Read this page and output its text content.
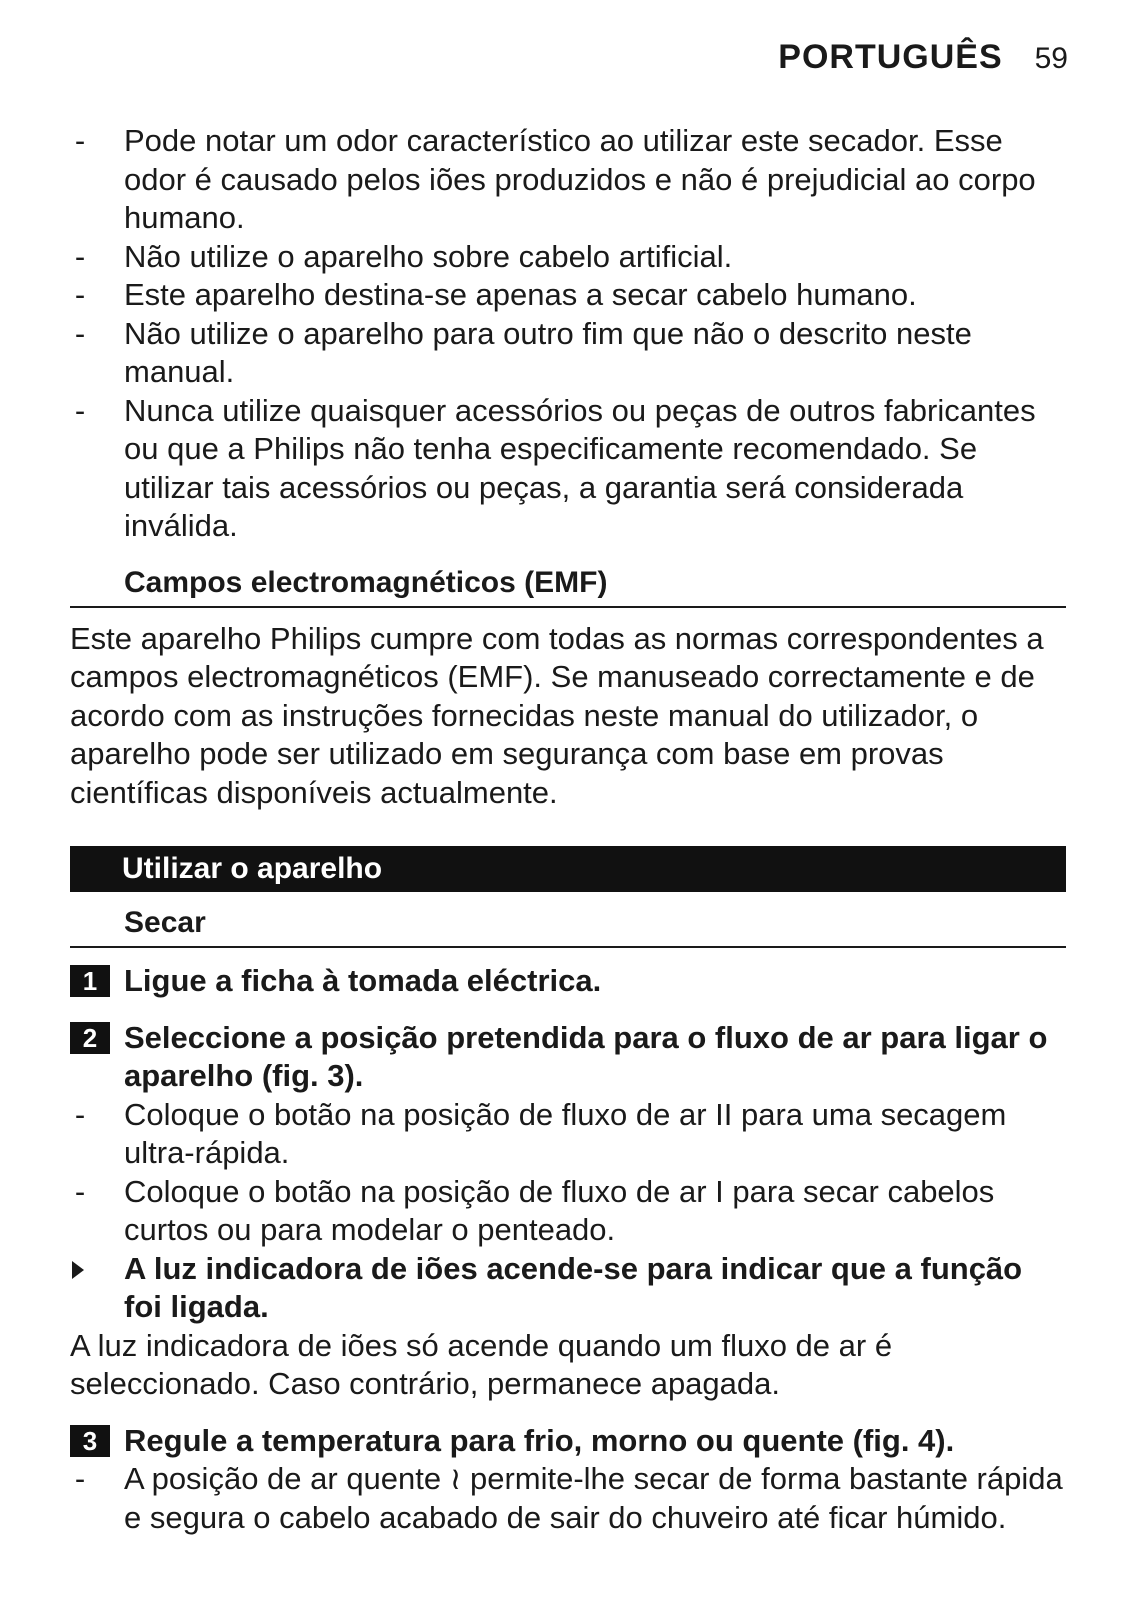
PORTUGUÊS 59
- Pode notar um odor característico ao utilizar este secador. Esse odor é causado pelos iões produzidos e não é prejudicial ao corpo humano.
- Não utilize o aparelho sobre cabelo artificial.
- Este aparelho destina-se apenas a secar cabelo humano.
- Não utilize o aparelho para outro fim que não o descrito neste manual.
- Nunca utilize quaisquer acessórios ou peças de outros fabricantes ou que a Philips não tenha especificamente recomendado. Se utilizar tais acessórios ou peças, a garantia será considerada inválida.
Campos electromagnéticos (EMF)
Este aparelho Philips cumpre com todas as normas correspondentes a campos electromagnéticos (EMF). Se manuseado correctamente e de acordo com as instruções fornecidas neste manual do utilizador, o aparelho pode ser utilizado em segurança com base em provas científicas disponíveis actualmente.
Utilizar o aparelho
Secar
1 Ligue a ficha à tomada eléctrica.
2 Seleccione a posição pretendida para o fluxo de ar para ligar o aparelho (fig. 3).
- Coloque o botão na posição de fluxo de ar II para uma secagem ultra-rápida.
- Coloque o botão na posição de fluxo de ar I para secar cabelos curtos ou para modelar o penteado.
A luz indicadora de iões acende-se para indicar que a função foi ligada.
A luz indicadora de iões só acende quando um fluxo de ar é seleccionado. Caso contrário, permanece apagada.
3 Regule a temperatura para frio, morno ou quente (fig. 4).
- A posição de ar quente ≀ permite-lhe secar de forma bastante rápida e segura o cabelo acabado de sair do chuveiro até ficar húmido.
